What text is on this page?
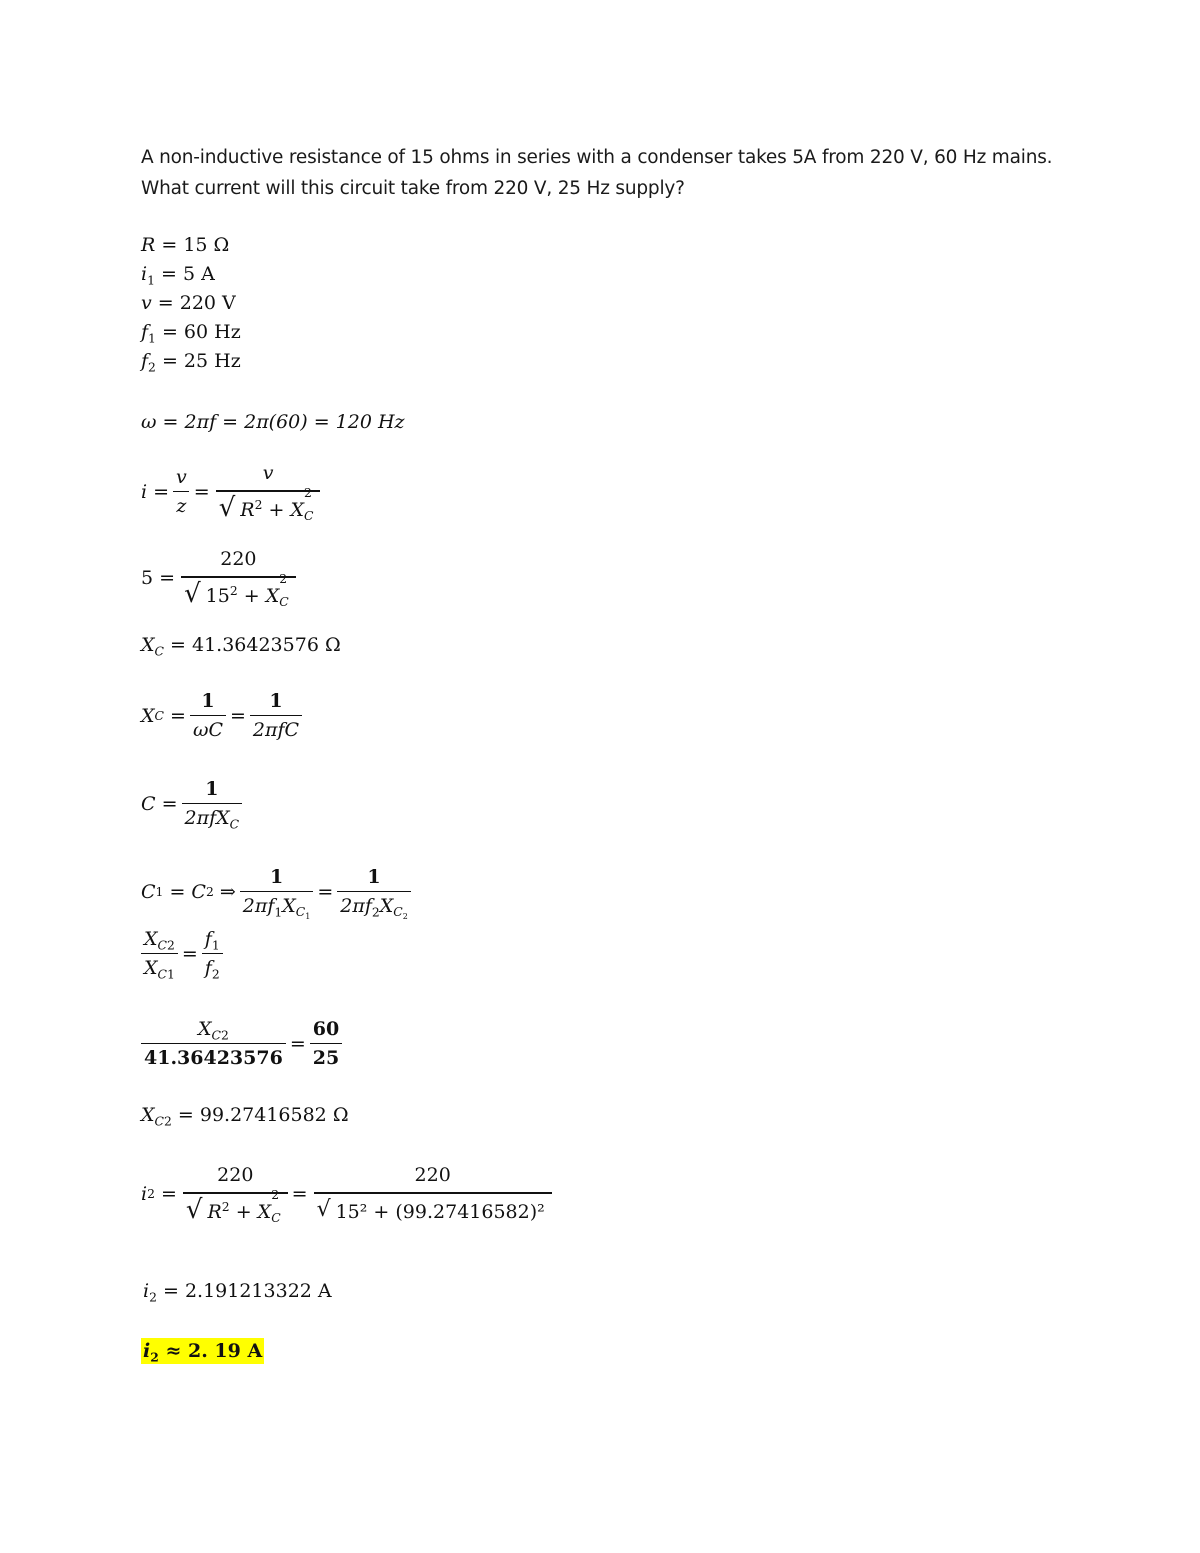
A non-inductive resistance of 15 ohms in series with a condenser takes 5A from 220 V, 60 Hz mains.
What current will this circuit take from 220 V, 25 Hz supply?
R = 15 Ω
$i_1 = 5$ A
v = 220 V
$f_1 = 60$ Hz
$f_2 = 25$ Hz
ω = 2πf = 2π(60) = 120 Hz
$i = \frac{v}{z} = v$
√ $R^2 + X$
$_{2 C}$
5 = 220
√ $15^2 + X$
$_{2 C}$
$X_C = 41.36423576$ Ω
X $C = \frac{1}{\omega C} = \frac{1}{\text{2πfC}}$
$C = \frac{1}{2\pi fX_C}$
C 1 = C 2 ⇒ $\frac{1}{2\pi f_1X_{C_1}} = \frac{1}{2\pi f_2X_{C_2}}$
$\frac{X_{C2}}{X_{C1}} = \frac{f_1}{f_2}$
$\frac{X_{C2}}{41.36423576} = \frac{60}{25}$
$X_{C2} = 99.27416582$ Ω
i 2 = 220
√ $R^2 + X$
$_{2 C} = \frac{220}{\text{√ 15² + (99.27416582)²}}$
$i_2 = 2.191213322$ A
$i_2 \approx 2$. 19 A
